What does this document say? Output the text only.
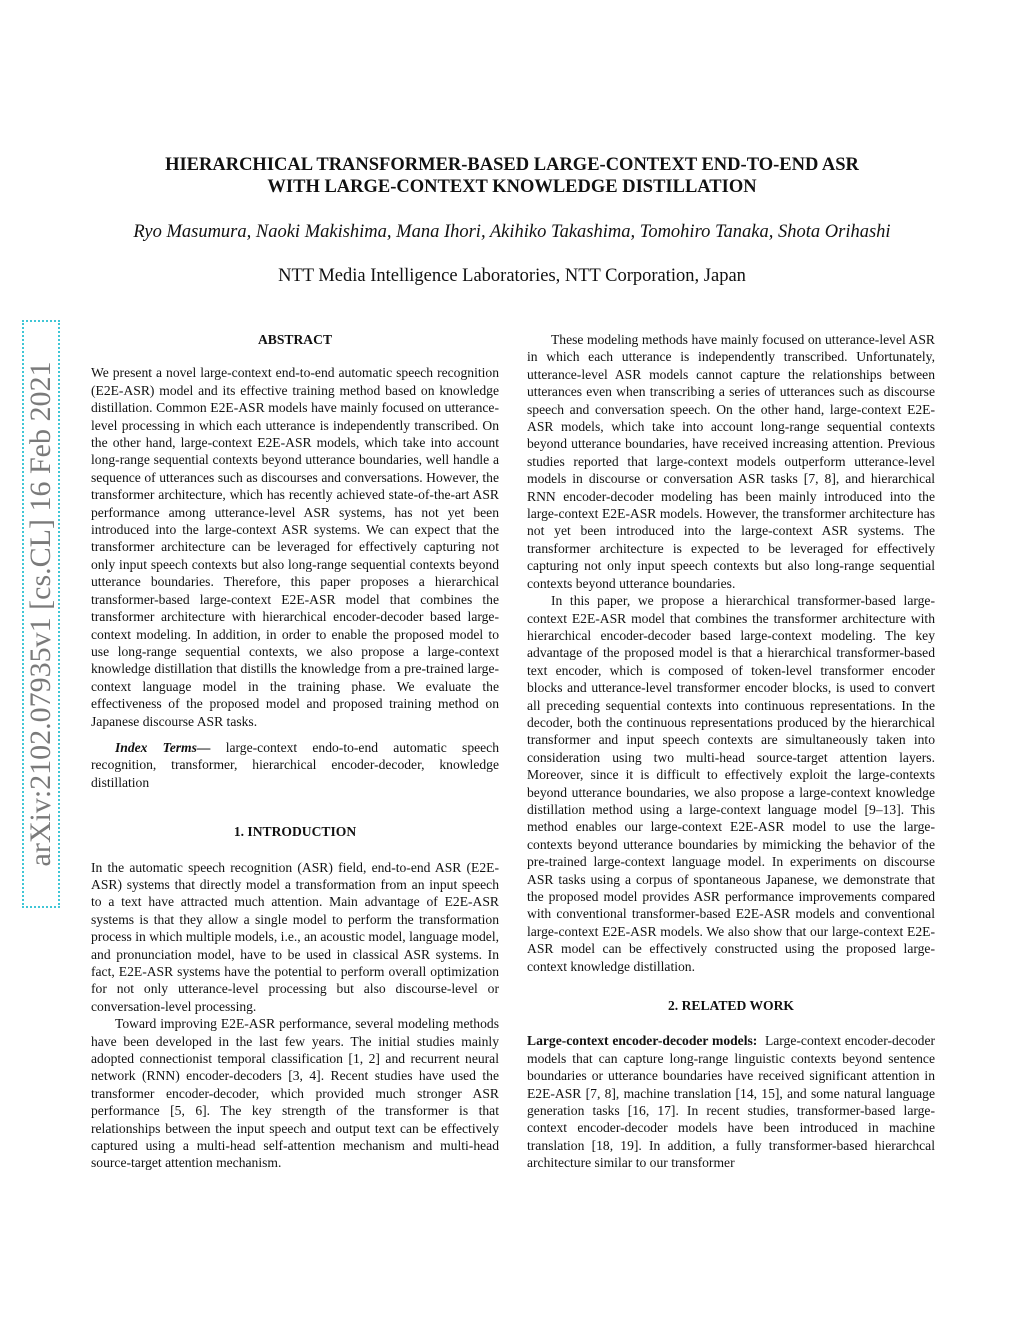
arXiv:2102.07935v1 [cs.CL] 16 Feb 2021
HIERARCHICAL TRANSFORMER-BASED LARGE-CONTEXT END-TO-END ASR
WITH LARGE-CONTEXT KNOWLEDGE DISTILLATION
Ryo Masumura, Naoki Makishima, Mana Ihori, Akihiko Takashima, Tomohiro Tanaka, Shota Orihashi
NTT Media Intelligence Laboratories, NTT Corporation, Japan
ABSTRACT

We present a novel large-context end-to-end automatic speech recognition (E2E-ASR) model and its effective training method based on knowledge distillation. Common E2E-ASR models have mainly focused on utterance-level processing in which each utterance is independently transcribed. On the other hand, large-context E2E-ASR models, which take into account long-range sequential contexts beyond utterance boundaries, well handle a sequence of utterances such as discourses and conversations. However, the transformer architecture, which has recently achieved state-of-the-art ASR performance among utterance-level ASR systems, has not yet been introduced into the large-context ASR systems. We can expect that the transformer architecture can be leveraged for effectively capturing not only input speech contexts but also long-range sequential contexts beyond utterance boundaries. Therefore, this paper proposes a hierarchical transformer-based large-context E2E-ASR model that combines the transformer architecture with hierarchical encoder-decoder based large-context modeling. In addition, in order to enable the proposed model to use long-range sequential contexts, we also propose a large-context knowledge distillation that distills the knowledge from a pre-trained large-context language model in the training phase. We evaluate the effectiveness of the proposed model and proposed training method on Japanese discourse ASR tasks.

Index Terms— large-context endo-to-end automatic speech recognition, transformer, hierarchical encoder-decoder, knowledge distillation

1. INTRODUCTION

In the automatic speech recognition (ASR) field, end-to-end ASR (E2E-ASR) systems that directly model a transformation from an input speech to a text have attracted much attention. Main advantage of E2E-ASR systems is that they allow a single model to perform the transformation process in which multiple models, i.e., an acoustic model, language model, and pronunciation model, have to be used in classical ASR systems. In fact, E2E-ASR systems have the potential to perform overall optimization for not only utterance-level processing but also discourse-level or conversation-level processing.

Toward improving E2E-ASR performance, several modeling methods have been developed in the last few years. The initial studies mainly adopted connectionist temporal classification [1, 2] and recurrent neural network (RNN) encoder-decoders [3, 4]. Recent studies have used the transformer encoder-decoder, which provided much stronger ASR performance [5, 6]. The key strength of the transformer is that relationships between the input speech and output text can be effectively captured using a multi-head self-attention mechanism and multi-head source-target attention mechanism.

These modeling methods have mainly focused on utterance-level ASR in which each utterance is independently transcribed. Unfortunately, utterance-level ASR models cannot capture the relationships between utterances even when transcribing a series of utterances such as discourse speech and conversation speech. On the other hand, large-context E2E-ASR models, which take into account long-range sequential contexts beyond utterance boundaries, have received increasing attention. Previous studies reported that large-context models outperform utterance-level models in discourse or conversation ASR tasks [7, 8], and hierarchical RNN encoder-decoder modeling has been mainly introduced into the large-context E2E-ASR models. However, the transformer architecture has not yet been introduced into the large-context ASR systems. The transformer architecture is expected to be leveraged for effectively capturing not only input speech contexts but also long-range sequential contexts beyond utterance boundaries.

In this paper, we propose a hierarchical transformer-based large-context E2E-ASR model that combines the transformer architecture with hierarchical encoder-decoder based large-context modeling. The key advantage of the proposed model is that a hierarchical transformer-based text encoder, which is composed of token-level transformer encoder blocks and utterance-level transformer encoder blocks, is used to convert all preceding sequential contexts into continuous representations. In the decoder, both the continuous representations produced by the hierarchical transformer and input speech contexts are simultaneously taken into consideration using two multi-head source-target attention layers. Moreover, since it is difficult to effectively exploit the large-contexts beyond utterance boundaries, we also propose a large-context knowledge distillation method using a large-context language model [9–13]. This method enables our large-context E2E-ASR model to use the large-contexts beyond utterance boundaries by mimicking the behavior of the pre-trained large-context language model. In experiments on discourse ASR tasks using a corpus of spontaneous Japanese, we demonstrate that the proposed model provides ASR performance improvements compared with conventional transformer-based E2E-ASR models and conventional large-context E2E-ASR models. We also show that our large-context E2E-ASR model can be effectively constructed using the proposed large-context knowledge distillation.

2. RELATED WORK

Large-context encoder-decoder models: Large-context encoder-decoder models that can capture long-range linguistic contexts beyond sentence boundaries or utterance boundaries have received significant attention in E2E-ASR [7, 8], machine translation [14, 15], and some natural language generation tasks [16, 17]. In recent studies, transformer-based large-context encoder-decoder models have been introduced in machine translation [18, 19]. In addition, a fully transformer-based hierarchcal architecture similar to our transformer
